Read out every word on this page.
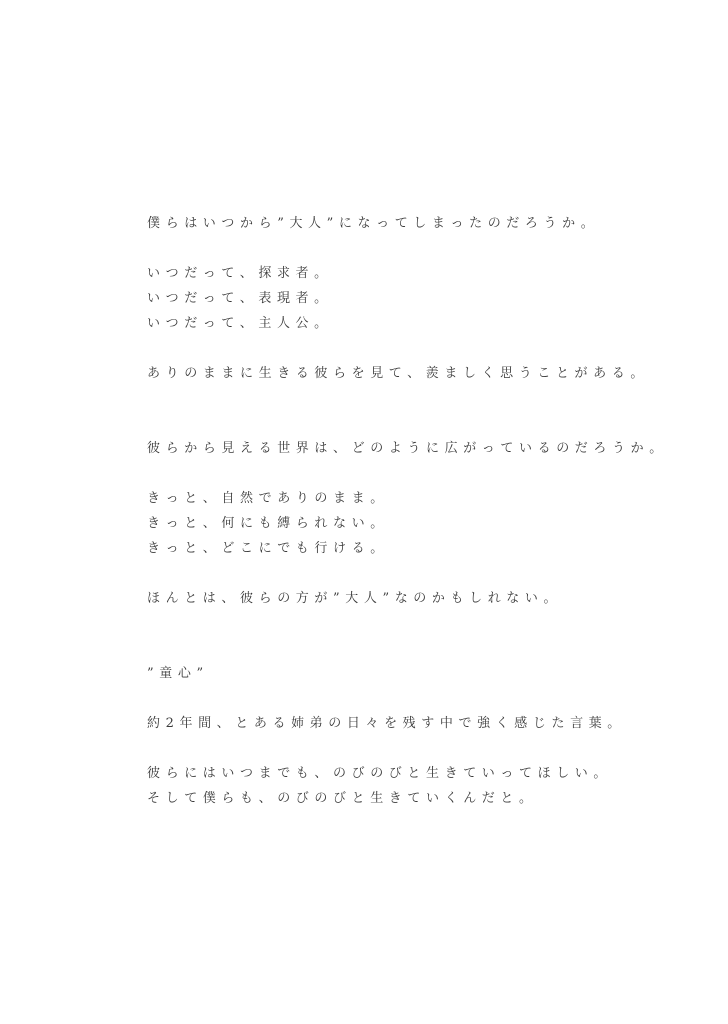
僕らはいつから”大人”になってしまったのだろうか。
いつだって、探求者。
いつだって、表現者。
いつだって、主人公。
ありのままに生きる彼らを見て、羨ましく思うことがある。
彼らから見える世界は、どのように広がっているのだろうか。
きっと、自然でありのまま。
きっと、何にも縛られない。
きっと、どこにでも行ける。
ほんとは、彼らの方が”大人”なのかもしれない。
”童心”
約2年間、とある姉弟の日々を残す中で強く感じた言葉。
彼らにはいつまでも、のびのびと生きていってほしい。
そして僕らも、のびのびと生きていくんだと。
